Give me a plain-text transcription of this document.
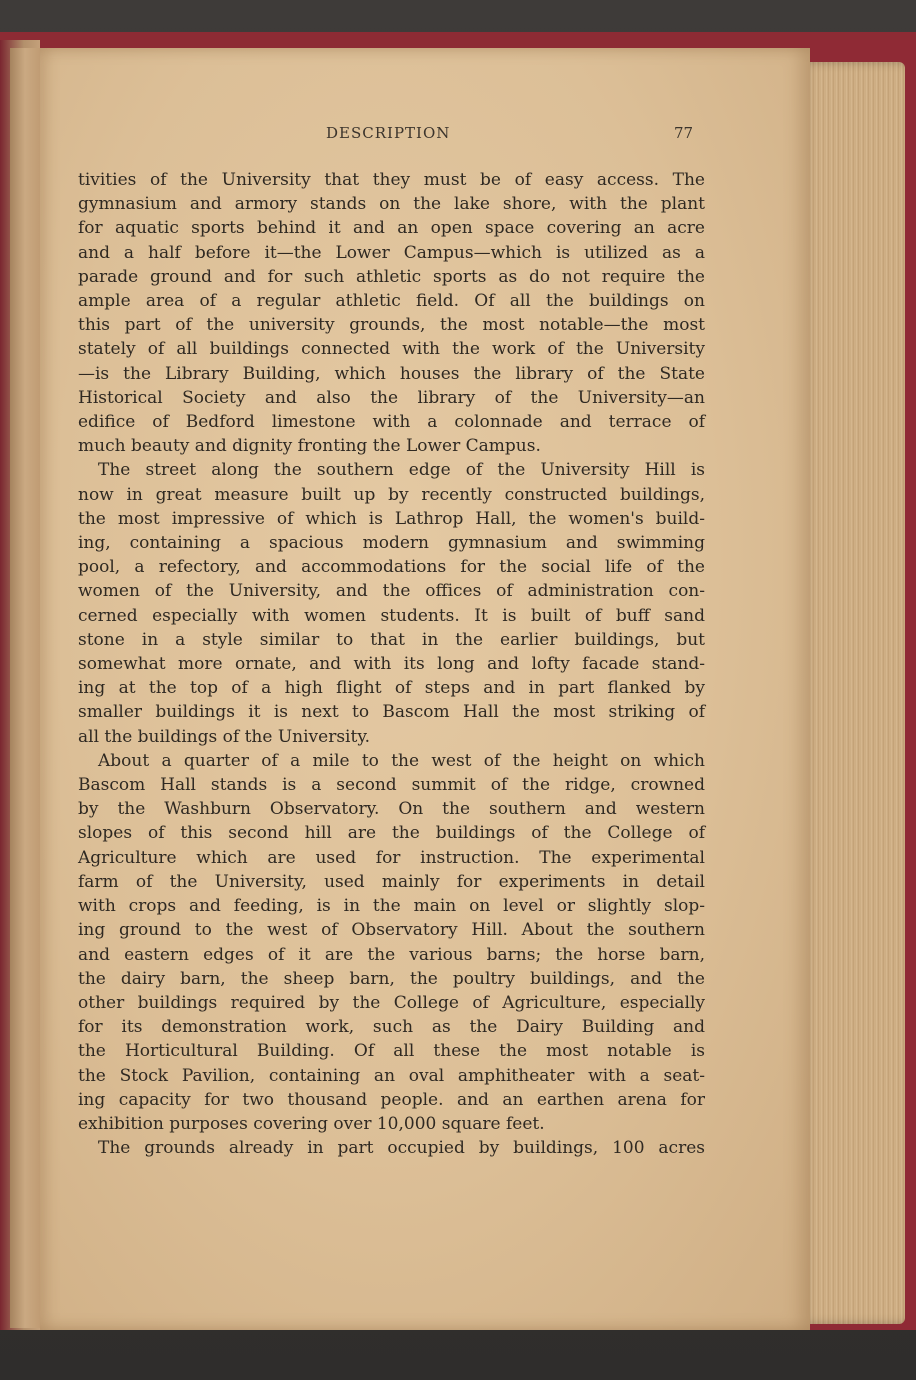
DESCRIPTION	77
tivities of the University that they must be of easy access. The
gymnasium and armory stands on the lake shore, with the plant
for aquatic sports behind it and an open space covering an acre
and a half before it—the Lower Campus—which is utilized as a
parade ground and for such athletic sports as do not require the
ample area of a regular athletic field. Of all the buildings on
this part of the university grounds, the most notable—the most
stately of all buildings connected with the work of the University
—is the Library Building, which houses the library of the State
Historical Society and also the library of the University—an
edifice of Bedford limestone with a colonnade and terrace of
much beauty and dignity fronting the Lower Campus.
The street along the southern edge of the University Hill is
now in great measure built up by recently constructed buildings,
the most impressive of which is Lathrop Hall, the women's build-
ing, containing a spacious modern gymnasium and swimming
pool, a refectory, and accommodations for the social life of the
women of the University, and the offices of administration con-
cerned especially with women students. It is built of buff sand
stone in a style similar to that in the earlier buildings, but
somewhat more ornate, and with its long and lofty facade stand-
ing at the top of a high flight of steps and in part flanked by
smaller buildings it is next to Bascom Hall the most striking of
all the buildings of the University.
About a quarter of a mile to the west of the height on which
Bascom Hall stands is a second summit of the ridge, crowned
by the Washburn Observatory. On the southern and western
slopes of this second hill are the buildings of the College of
Agriculture which are used for instruction. The experimental
farm of the University, used mainly for experiments in detail
with crops and feeding, is in the main on level or slightly slop-
ing ground to the west of Observatory Hill. About the southern
and eastern edges of it are the various barns; the horse barn,
the dairy barn, the sheep barn, the poultry buildings, and the
other buildings required by the College of Agriculture, especially
for its demonstration work, such as the Dairy Building and
the Horticultural Building. Of all these the most notable is
the Stock Pavilion, containing an oval amphitheater with a seat-
ing capacity for two thousand people. and an earthen arena for
exhibition purposes covering over 10,000 square feet.
The grounds already in part occupied by buildings, 100 acres
